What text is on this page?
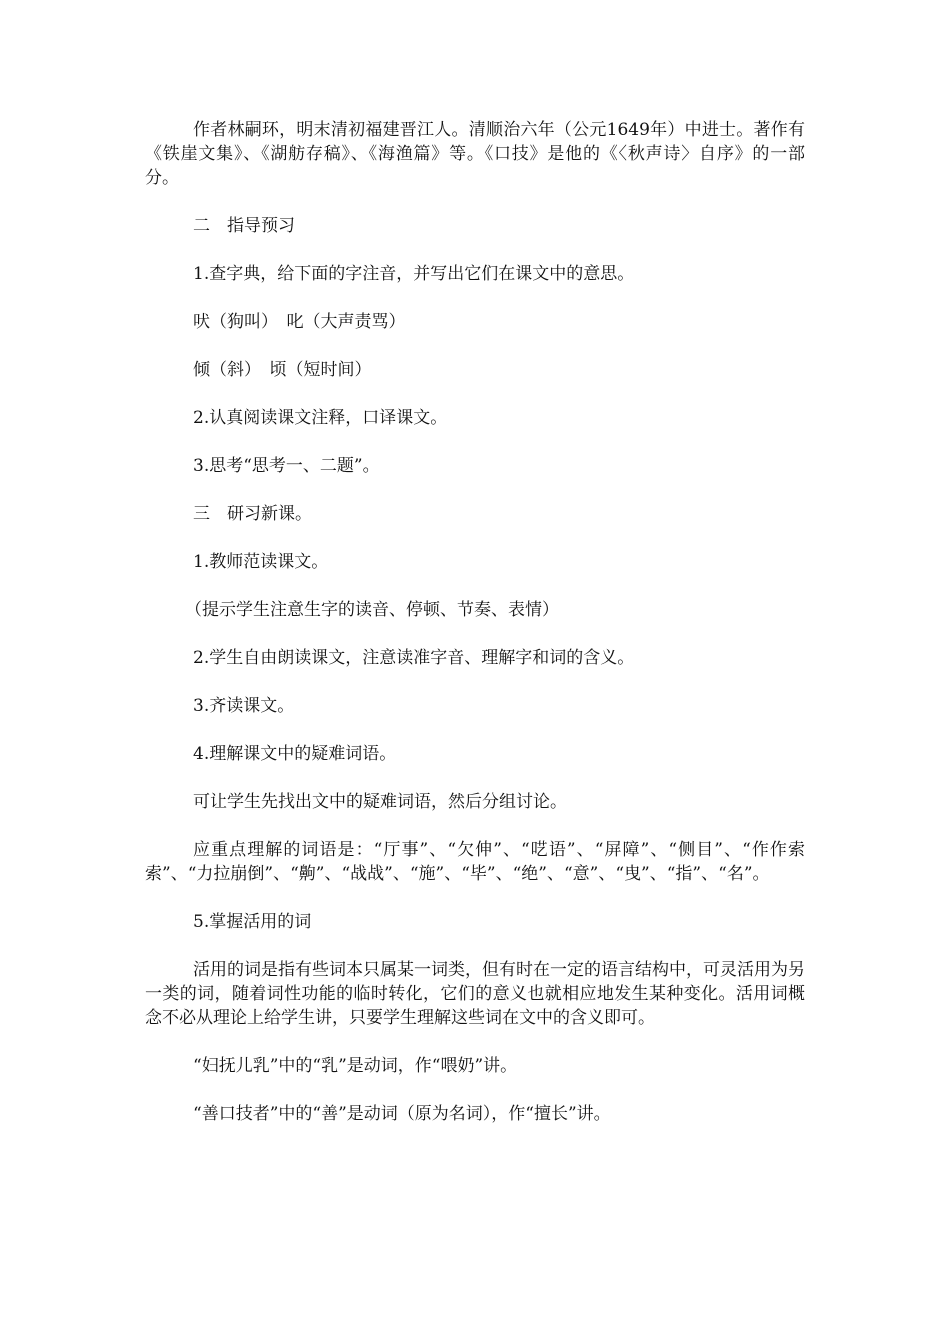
作者林嗣环，明末清初福建晋江人。清顺治六年（公元1649年）中进士。著作有《铁崖文集》、《湖舫存稿》、《海渔篇》等。《口技》是他的《〈秋声诗〉自序》的一部分。

二　指导预习

1.查字典，给下面的字注音，并写出它们在课文中的意思。

吠（狗叫）　叱（大声责骂）

倾（斜）　顷（短时间）

2.认真阅读课文注释，口译课文。

3.思考“思考一、二题”。

三　研习新课。

1.教师范读课文。

（提示学生注意生字的读音、停顿、节奏、表情）

2.学生自由朗读课文，注意读准字音、理解字和词的含义。

3.齐读课文。

4.理解课文中的疑难词语。

可让学生先找出文中的疑难词语，然后分组讨论。

应重点理解的词语是：“厅事”、“欠伸”、“呓语”、“屏障”、“侧目”、“作作索索”、“力拉崩倒”、“齁”、“战战”、“施”、“毕”、“绝”、“意”、“曳”、“指”、“名”。

5.掌握活用的词

活用的词是指有些词本只属某一词类，但有时在一定的语言结构中，可灵活用为另一类的词，随着词性功能的临时转化，它们的意义也就相应地发生某种变化。活用词概念不必从理论上给学生讲，只要学生理解这些词在文中的含义即可。

“妇抚儿乳”中的“乳”是动词，作“喂奶”讲。

“善口技者”中的“善”是动词（原为名词），作“擅长”讲。
